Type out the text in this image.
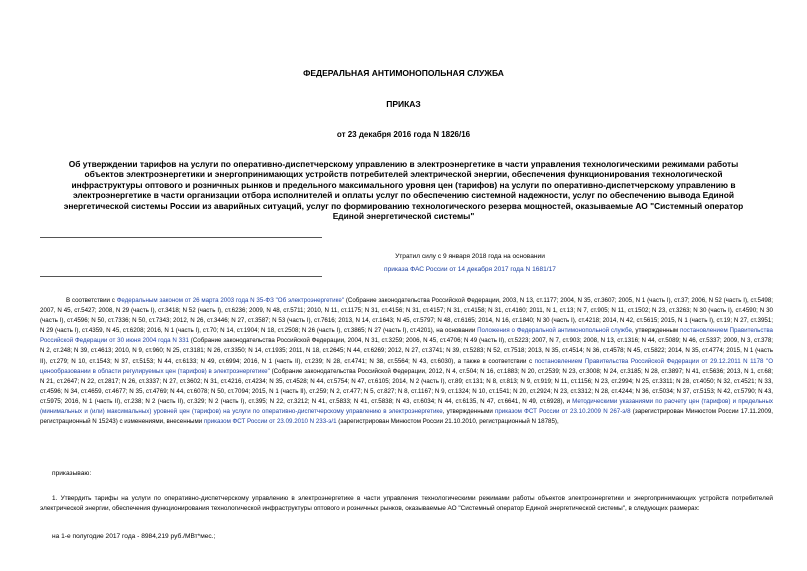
ФЕДЕРАЛЬНАЯ АНТИМОНОПОЛЬНАЯ СЛУЖБА
ПРИКАЗ
от 23 декабря 2016 года N 1826/16
Об утверждении тарифов на услуги по оперативно-диспетчерскому управлению в электроэнергетике в части управления технологическими режимами работы объектов электроэнергетики и энергопринимающих устройств потребителей электрической энергии, обеспечения функционирования технологической инфраструктуры оптового и розничных рынков и предельного максимального уровня цен (тарифов) на услуги по оперативно-диспетчерскому управлению в электроэнергетике в части организации отбора исполнителей и оплаты услуг по обеспечению системной надежности, услуг по обеспечению вывода Единой энергетической системы России из аварийных ситуаций, услуг по формированию технологического резерва мощностей, оказываемые АО "Системный оператор Единой энергетической системы"
Утратил силу с 9 января 2018 года на основании
приказа ФАС России от 14 декабря 2017 года N 1681/17

В соответствии с Федеральным законом от 26 марта 2003 года N 35-ФЗ "Об электроэнергетике" (Собрание законодательства Российской Федерации, 2003, N 13, ст.1177; 2004, N 35, ст.3607; 2005, N 1 (часть I), ст.37; 2006, N 52 (часть I), ст.5498; 2007, N 45, ст.5427; 2008, N 29 (часть I), ст.3418; N 52 (часть I), ст.6236; 2009, N 48, ст.5711; 2010, N 11, ст.1175; N 31, ст.4156; N 31, ст.4157; N 31, ст.4158; N 31, ст.4160; 2011, N 1, ст.13; N 7, ст.905; N 11, ст.1502; N 23, ст.3263; N 30 (часть I), ст.4590; N 30 (часть I), ст.4596; N 50, ст.7336; N 50, ст.7343; 2012, N 26, ст.3446; N 27, ст.3587; N 53 (часть I), ст.7616; 2013, N 14, ст.1643; N 45, ст.5797; N 48, ст.6165; 2014, N 16, ст.1840; N 30 (часть I), ст.4218; 2014, N 42, ст.5615; 2015, N 1 (часть I), ст.19; N 27, ст.3951; N 29 (часть I), ст.4359, N 45, ст.6208; 2016, N 1 (часть I), ст.70; N 14, ст.1904; N 18, ст.2508; N 26 (часть I), ст.3865; N 27 (часть I), ст.4201), на основании Положения о Федеральной антимонопольной службе, утвержденным постановлением Правительства Российской Федерации от 30 июня 2004 года N 331 (Собрание законодательства Российской Федерации, 2004, N 31, ст.3259; 2006, N 45, ст.4706; N 49 (часть II), ст.5223; 2007, N 7, ст.903; 2008, N 13, ст.1316; N 44, ст.5089; N 46, ст.5337; 2009, N 3, ст.378; N 2, ст.248; N 39, ст.4613; 2010, N 9, ст.960; N 25, ст.3181; N 26, ст.3350; N 14, ст.1935; 2011, N 18, ст.2645; N 44, ст.6269; 2012, N 27, ст.3741; N 39, ст.5283; N 52, ст.7518; 2013, N 35, ст.4514; N 36, ст.4578; N 45, ст.5822; 2014, N 35, ст.4774; 2015, N 1 (часть II), ст.279; N 10, ст.1543; N 37, ст.5153; N 44, ст.6133; N 49, ст.6994; 2016, N 1 (часть II), ст.239; N 28, ст.4741; N 38, ст.5564; N 43, ст.6030), а также в соответствии с постановлением Правительства Российской Федерации от 29.12.2011 N 1178 "О ценообразовании в области регулируемых цен (тарифов) в электроэнергетике" (Собрание законодательства Российской Федерации, 2012, N 4, ст.504; N 16, ст.1883; N 20, ст.2539; N 23, ст.3008; N 24, ст.3185; N 28, ст.3897; N 41, ст.5636; 2013, N 1, ст.68; N 21, ст.2647; N 22, ст.2817; N 26, ст.3337; N 27, ст.3602; N 31, ст.4216, ст.4234; N 35, ст.4528; N 44, ст.5754; N 47, ст.6105; 2014, N 2 (часть I), ст.89; ст.131; N 8, ст.813; N 9, ст.919; N 11, ст.1156; N 23, ст.2994; N 25, ст.3311; N 28, ст.4050; N 32, ст.4521; N 33, ст.4596; N 34, ст.4659, ст.4677; N 35, ст.4769; N 44, ст.6078; N 50, ст.7094; 2015, N 1 (часть II), ст.259; N 2, ст.477; N 5, ст.827; N 8, ст.1167; N 9, ст.1324; N 10, ст.1541; N 20, ст.2924; N 23, ст.3312; N 28, ст.4244; N 36, ст.5034; N 37, ст.5153; N 42, ст.5790; N 43, ст.5975; 2016, N 1 (часть II), ст.238; N 2 (часть II), ст.329; N 2 (часть I), ст.395; N 22, ст.3212; N 41, ст.5833; N 41, ст.5838; N 43, ст.6034; N 44, ст.6135, N 47, ст.6641, N 49, ст.6928), и Методическими указаниями по расчету цен (тарифов) и предельных (минимальных и (или) максимальных) уровней цен (тарифов) на услуги по оперативно-диспетчерскому управлению в электроэнергетике, утвержденными приказом ФСТ России от 23.10.2009 N 267-э/8 (зарегистрирован Минюстом России 17.11.2009, регистрационный N 15243) с изменениями, внесенными приказом ФСТ России от 23.09.2010 N 233-э/1 (зарегистрирован Минюстом России 21.10.2010, регистрационный N 18785),

приказываю:
1. Утвердить тарифы на услуги по оперативно-диспетчерскому управлению в электроэнергетике в части управления технологическими режимами работы объектов электроэнергетики и энергопринимающих устройств потребителей электрической энергии, обеспечения функционирования технологической инфраструктуры оптового и розничных рынков, оказываемые АО "Системный оператор Единой энергетической системы", в следующих размерах:
на 1-е полугодие 2017 года - 8984,219 руб./МВт*мес.;
